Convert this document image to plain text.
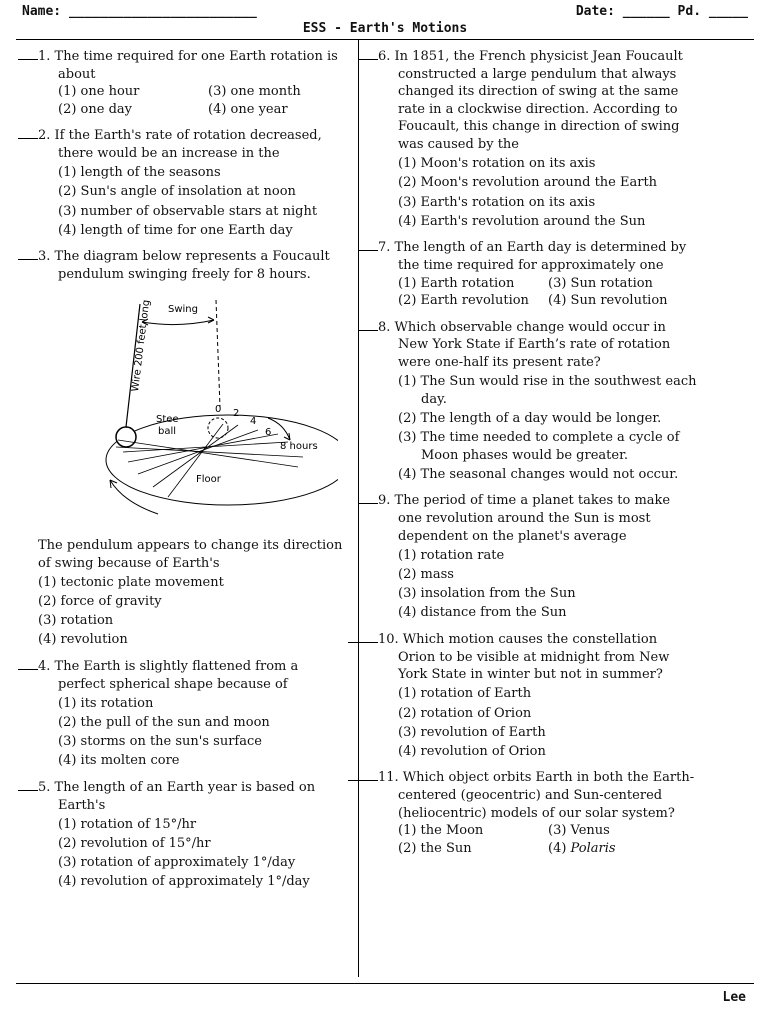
Name: ________________________	Date: ______ Pd. _____
ESS - Earth's Motions
Lee
1. The time required for one Earth rotation is about
(1) one hour	(3) one month
(2) one day	(4) one year
2. If the Earth's rate of rotation decreased, there would be an increase in the
(1) length of the seasons
(2) Sun's angle of insolation at noon
(3) number of observable stars at night
(4) length of time for one Earth day
3. The diagram below represents a Foucault pendulum swinging freely for 8 hours.
Swing
Wire 200 feet long
Stee
ball
0 2
4
6
8 hours
Floor
The pendulum appears to change its direction of swing because of Earth's
(1) tectonic plate movement
(2) force of gravity
(3) rotation
(4) revolution
4. The Earth is slightly flattened from a perfect spherical shape because of
(1) its rotation
(2) the pull of the sun and moon
(3) storms on the sun's surface
(4) its molten core
5. The length of an Earth year is based on Earth's
(1) rotation of 15°/hr
(2) revolution of 15°/hr
(3) rotation of approximately 1°/day
(4) revolution of approximately 1°/day
6. In 1851, the French physicist Jean Foucault constructed a large pendulum that always changed its direction of swing at the same rate in a clockwise direction. According to Foucault, this change in direction of swing was caused by the
(1) Moon's rotation on its axis
(2) Moon's revolution around the Earth
(3) Earth's rotation on its axis
(4) Earth's revolution around the Sun
7. The length of an Earth day is determined by the time required for approximately one
(1) Earth rotation	(3) Sun rotation
(2) Earth revolution	(4) Sun revolution
8. Which observable change would occur in New York State if Earth’s rate of rotation were one-half its present rate?
(1) The Sun would rise in the southwest each day.
(2) The length of a day would be longer.
(3) The time needed to complete a cycle of Moon phases would be greater.
(4) The seasonal changes would not occur.
9. The period of time a planet takes to make one revolution around the Sun is most dependent on the planet's average
(1) rotation rate
(2) mass
(3) insolation from the Sun
(4) distance from the Sun
10. Which motion causes the constellation Orion to be visible at midnight from New York State in winter but not in summer?
(1) rotation of Earth
(2) rotation of Orion
(3) revolution of Earth
(4) revolution of Orion
11. Which object orbits Earth in both the Earth-centered (geocentric) and Sun-centered (heliocentric) models of our solar system?
(1) the Moon	(3) Venus
(2) the Sun	(4) Polaris
